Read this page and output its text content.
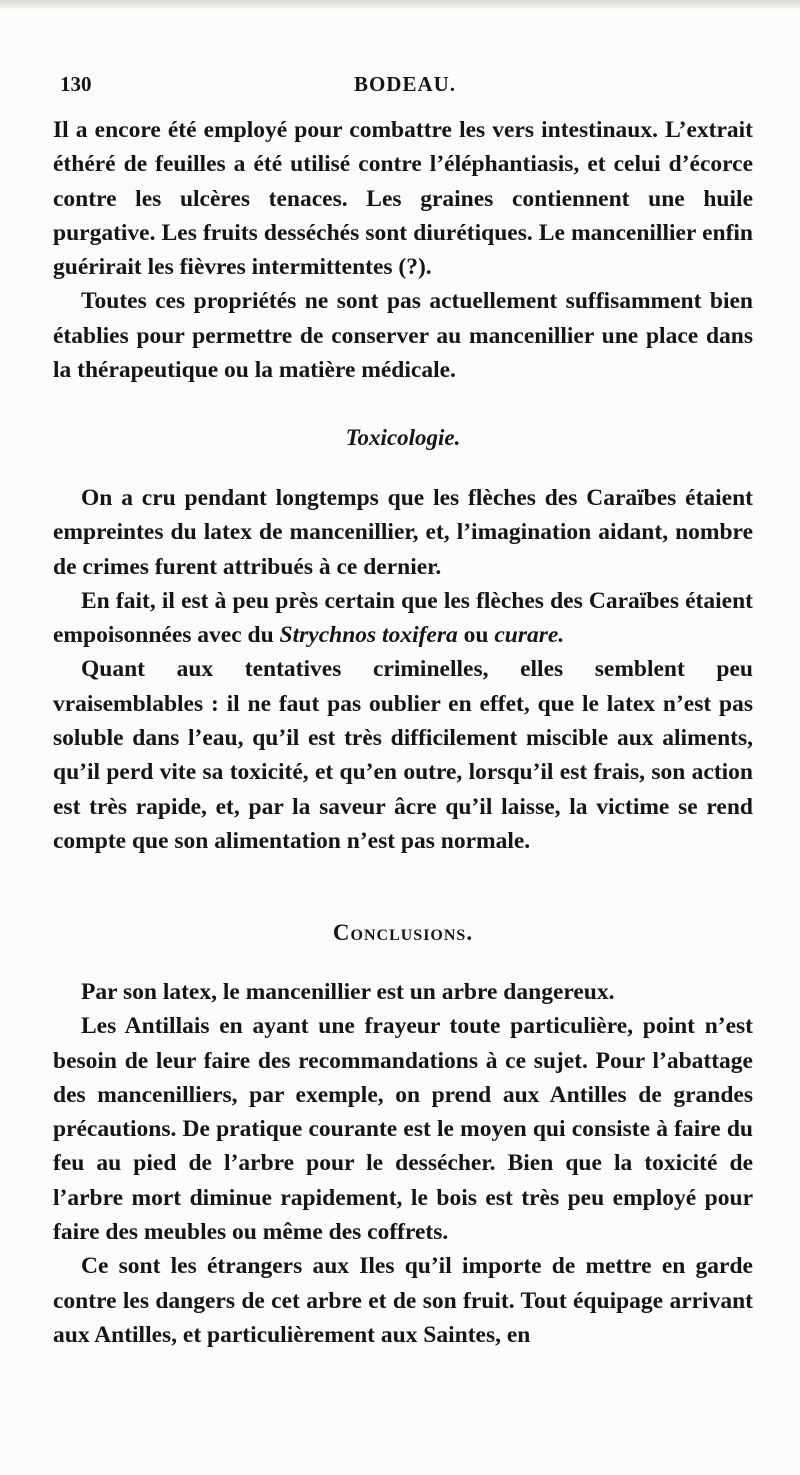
130	BODEAU.

Il a encore été employé pour combattre les vers intestinaux. L’extrait éthéré de feuilles a été utilisé contre l’éléphantiasis, et celui d’écorce contre les ulcères tenaces. Les graines contiennent une huile purgative. Les fruits desséchés sont diurétiques. Le mancenillier enfin guérirait les fièvres intermittentes (?).

Toutes ces propriétés ne sont pas actuellement suffisamment bien établies pour permettre de conserver au mancenillier une place dans la thérapeutique ou la matière médicale.

Toxicologie.

On a cru pendant longtemps que les flèches des Caraïbes étaient empreintes du latex de mancenillier, et, l’imagination aidant, nombre de crimes furent attribués à ce dernier.

En fait, il est à peu près certain que les flèches des Caraïbes étaient empoisonnées avec du Strychnos toxifera ou curare.

Quant aux tentatives criminelles, elles semblent peu vraisemblables : il ne faut pas oublier en effet, que le latex n’est pas soluble dans l’eau, qu’il est très difficilement miscible aux aliments, qu’il perd vite sa toxicité, et qu’en outre, lorsqu’il est frais, son action est très rapide, et, par la saveur âcre qu’il laisse, la victime se rend compte que son alimentation n’est pas normale.

Conclusions.

Par son latex, le mancenillier est un arbre dangereux.

Les Antillais en ayant une frayeur toute particulière, point n’est besoin de leur faire des recommandations à ce sujet. Pour l’abattage des mancenilliers, par exemple, on prend aux Antilles de grandes précautions. De pratique courante est le moyen qui consiste à faire du feu au pied de l’arbre pour le dessécher. Bien que la toxicité de l’arbre mort diminue rapidement, le bois est très peu employé pour faire des meubles ou même des coffrets.

Ce sont les étrangers aux Iles qu’il importe de mettre en garde contre les dangers de cet arbre et de son fruit. Tout équipage arrivant aux Antilles, et particulièrement aux Saintes, en
